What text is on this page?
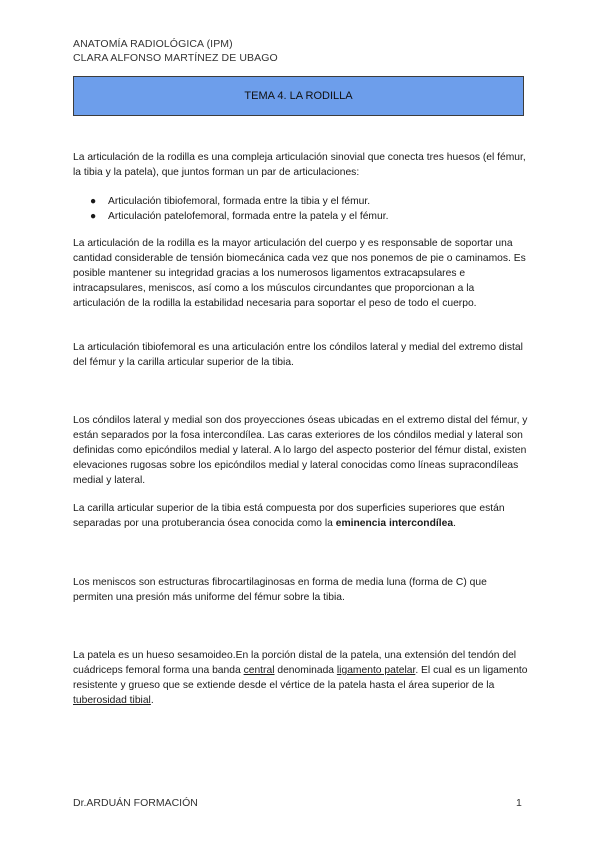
ANATOMÍA RADIOLÓGICA (IPM)
CLARA ALFONSO MARTÍNEZ DE UBAGO
TEMA 4. LA RODILLA

La articulación de la rodilla es una compleja articulación sinovial que conecta tres huesos (el fémur, la tibia y la patela), que juntos forman un par de articulaciones:

● Articulación tibiofemoral, formada entre la tibia y el fémur.
● Articulación patelofemoral, formada entre la patela y el fémur.

La articulación de la rodilla es la mayor articulación del cuerpo y es responsable de soportar una cantidad considerable de tensión biomecánica cada vez que nos ponemos de pie o caminamos. Es posible mantener su integridad gracias a los numerosos ligamentos extracapsulares e intracapsulares, meniscos, así como a los músculos circundantes que proporcionan a la articulación de la rodilla la estabilidad necesaria para soportar el peso de todo el cuerpo.

La articulación tibiofemoral es una articulación entre los cóndilos lateral y medial del extremo distal del fémur y la carilla articular superior de la tibia.

Los cóndilos lateral y medial son dos proyecciones óseas ubicadas en el extremo distal del fémur, y están separados por la fosa intercondílea. Las caras exteriores de los cóndilos medial y lateral son definidas como epicóndilos medial y lateral. A lo largo del aspecto posterior del fémur distal, existen elevaciones rugosas sobre los epicóndilos medial y lateral conocidas como líneas supracondíleas medial y lateral.

La carilla articular superior de la tibia está compuesta por dos superficies superiores que están separadas por una protuberancia ósea conocida como la eminencia intercondílea.

Los meniscos son estructuras fibrocartilaginosas en forma de media luna (forma de C) que permiten una presión más uniforme del fémur sobre la tibia.

La patela es un hueso sesamoideo.En la porción distal de la patela, una extensión del tendón del cuádriceps femoral forma una banda central denominada ligamento patelar. El cual es un ligamento resistente y grueso que se extiende desde el vértice de la patela hasta el área superior de la tuberosidad tibial.

Dr.ARDUÁN FORMACIÓN	1
